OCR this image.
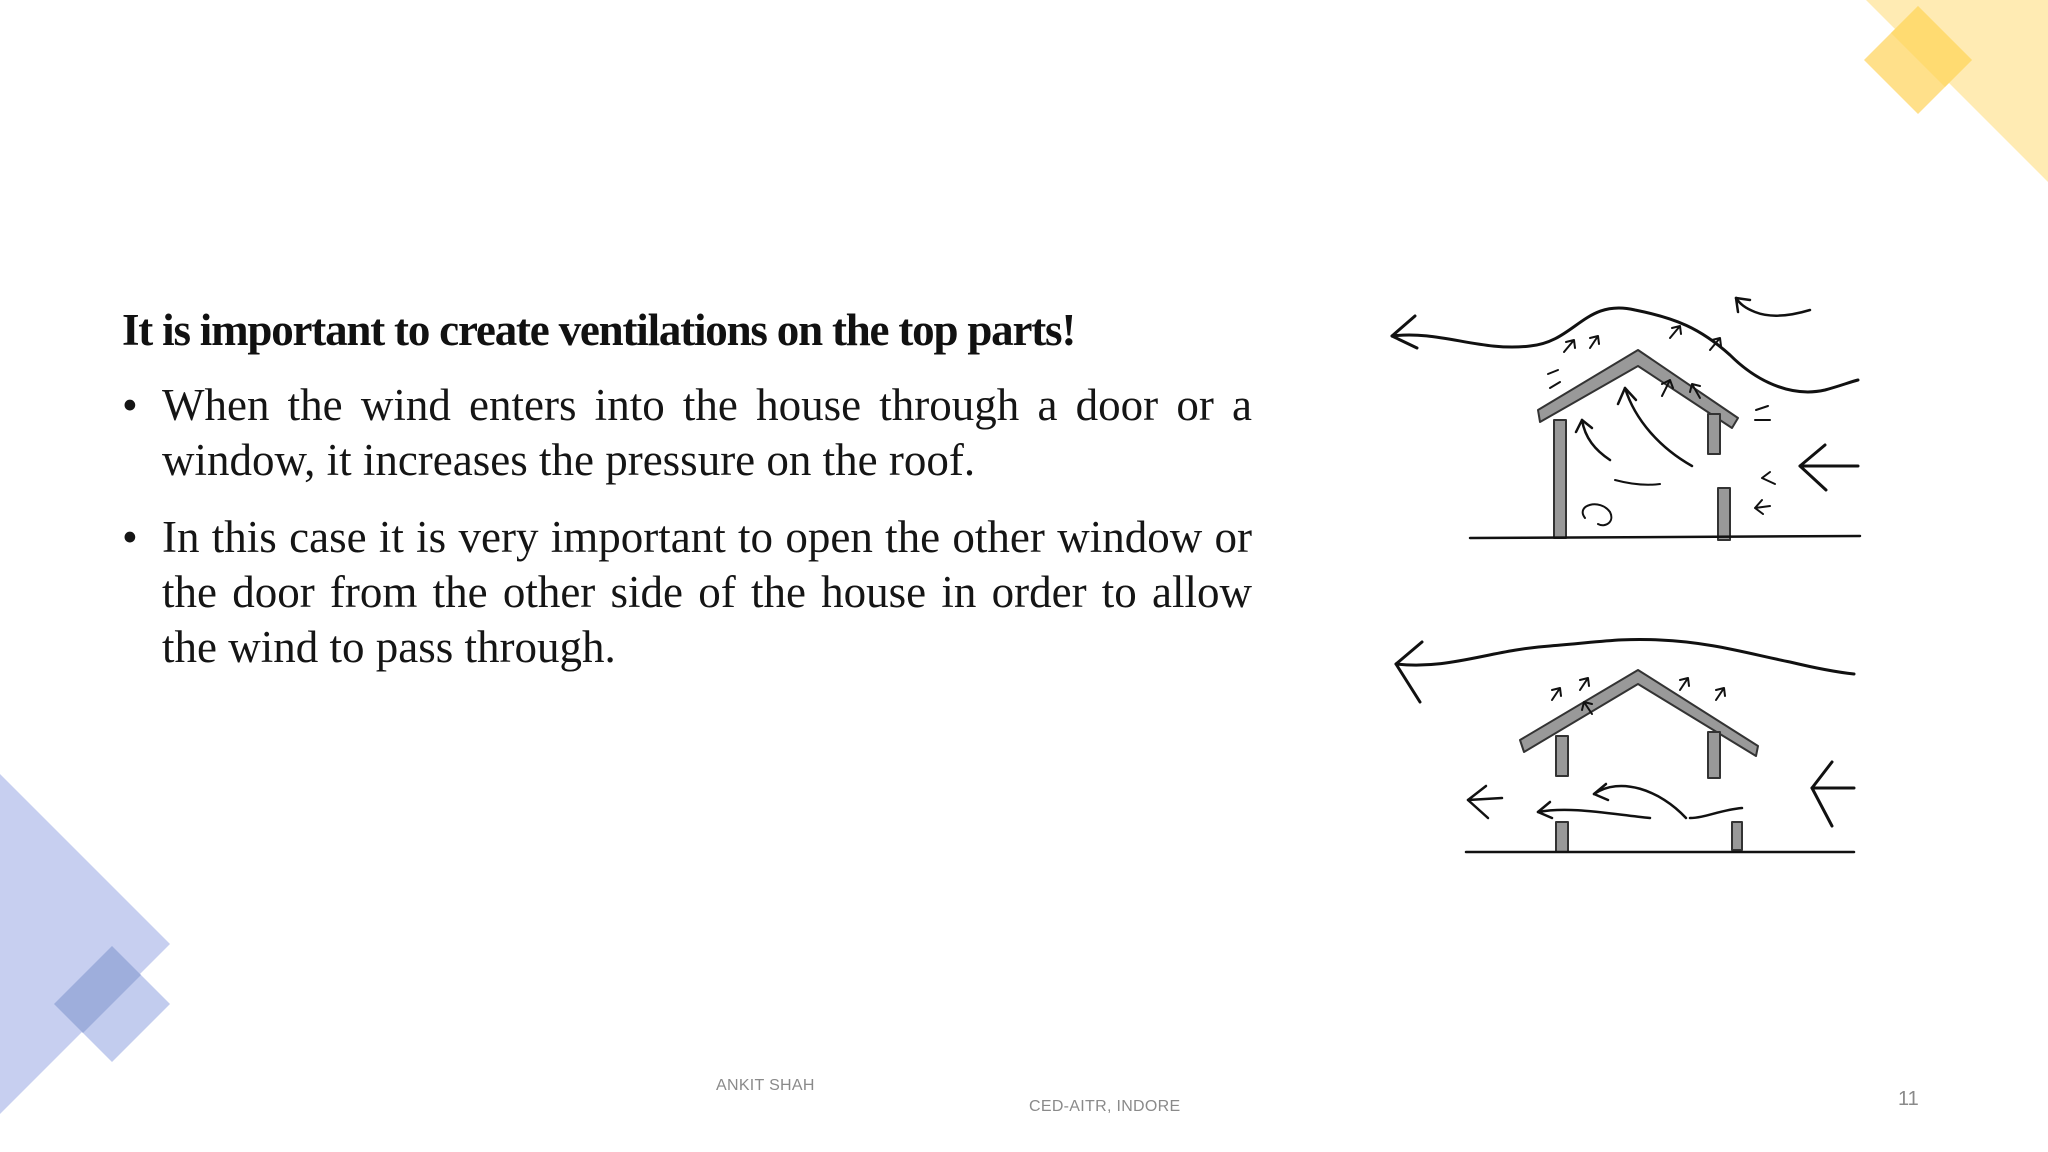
It is important to create ventilations on the top parts!
• When the wind enters into the house through a door or a window, it increases the pressure on the roof.
• In this case it is very important to open the other window or the door from the other side of the house in order to allow the wind to pass through.
ANKIT SHAH
CED-AITR, INDORE	11
